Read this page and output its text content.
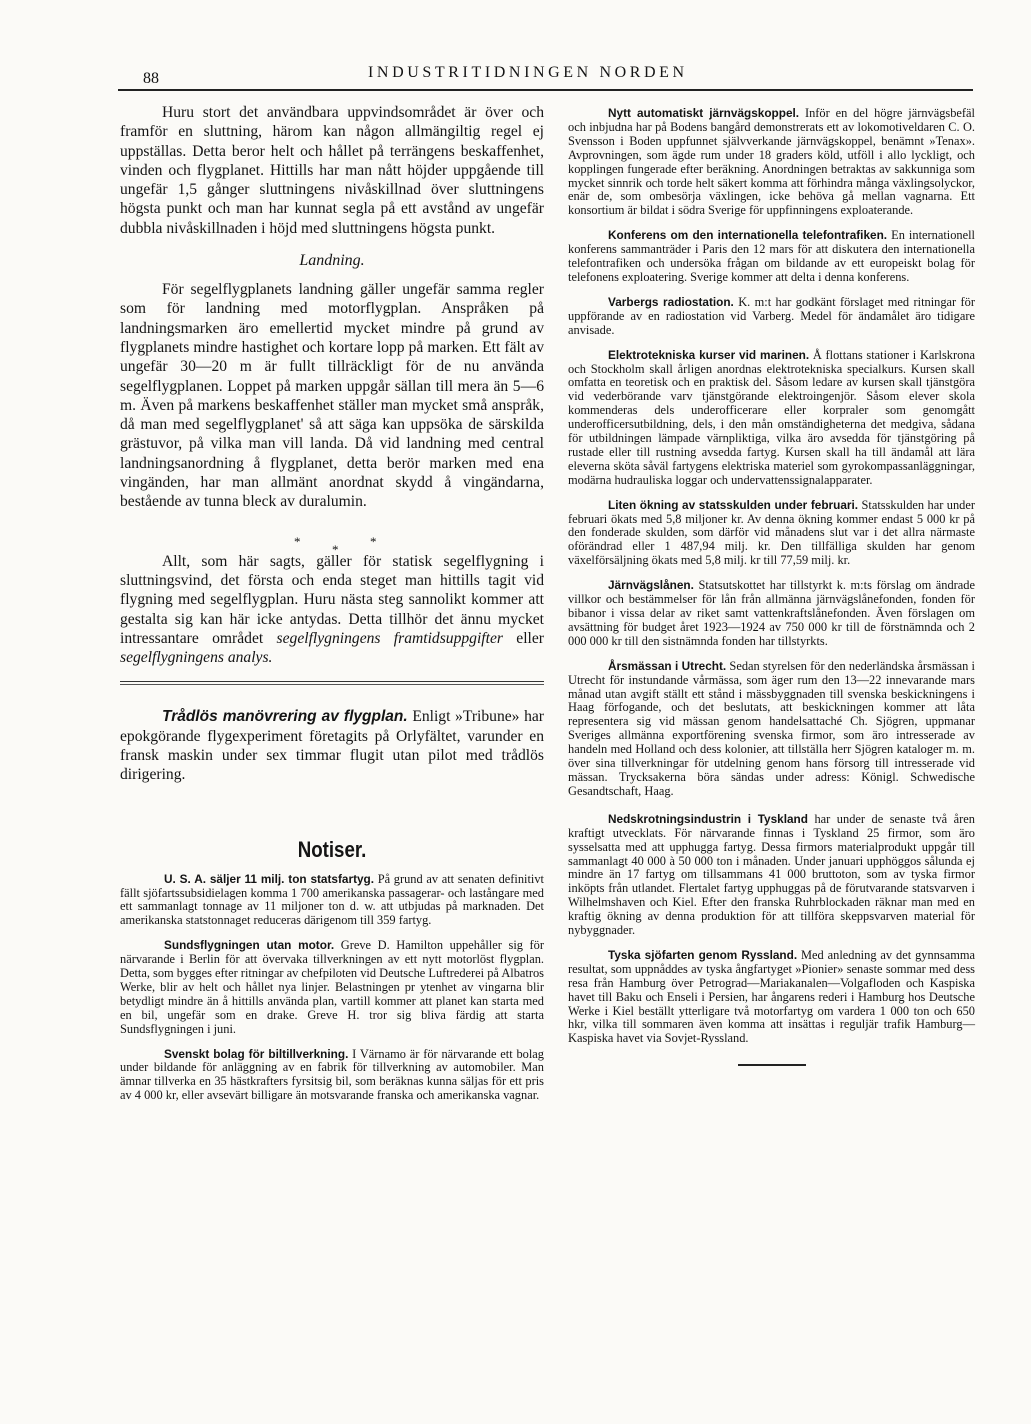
88	INDUSTRITIDNINGEN NORDEN

Huru stort det användbara uppvindsområdet är över och framför en sluttning, härom kan någon allmängiltig regel ej uppställas. Detta beror helt och hållet på terrängens beskaffenhet, vinden och flygplanet. Hittills har man nått höjder uppgående till ungefär 1,5 gånger sluttningens nivåskillnad över sluttningens högsta punkt och man har kunnat segla på ett avstånd av ungefär dubbla nivåskillnaden i höjd med sluttningens högsta punkt.

Landning.

För segelflygplanets landning gäller ungefär samma regler som för landning med motorflygplan. Anspråken på landningsmarken äro emellertid mycket mindre på grund av flygplanets mindre hastighet och kortare lopp på marken. Ett fält av ungefär 30—20 m är fullt tillräckligt för de nu använda segelflygplanen. Loppet på marken uppgår sällan till mera än 5—6 m. Även på markens beskaffenhet ställer man mycket små anspråk, då man med segelflygplanet' så att säga kan uppsöka de särskilda grästuvor, på vilka man vill landa. Då vid landning med central landningsanordning å flygplanet, detta berör marken med ena vingänden, har man allmänt anordnat skydd å vingändarna, bestående av tunna bleck av duralumin.

*
*
*

Allt, som här sagts, gäller för statisk segelflygning i sluttningsvind, det första och enda steget man hittills tagit vid flygning med segelflygplan. Huru nästa steg sannolikt kommer att gestalta sig kan här icke antydas. Detta tillhör det ännu mycket intressantare området segelflygningens framtidsuppgifter eller segelflygningens analys.

Trådlös manövrering av flygplan. Enligt »Tribune» har epokgörande flygexperiment företagits på Orlyfältet, varunder en fransk maskin under sex timmar flugit utan pilot med trådlös dirigering.

Notiser.

U. S. A. säljer 11 milj. ton statsfartyg. På grund av att senaten definitivt fällt sjöfartssubsidielagen komma 1 700 amerikanska passagerar- och lastångare med ett sammanlagt tonnage av 11 miljoner ton d. w. att utbjudas på marknaden. Det amerikanska statstonnaget reduceras därigenom till 359 fartyg.

Sundsflygningen utan motor. Greve D. Hamilton uppehåller sig för närvarande i Berlin för att övervaka tillverkningen av ett nytt motorlöst flygplan. Detta, som bygges efter ritningar av chefpiloten vid Deutsche Luftrederei på Albatros Werke, blir av helt och hållet nya linjer. Belastningen pr ytenhet av vingarna blir betydligt mindre än å hittills använda plan, vartill kommer att planet kan starta med en bil, ungefär som en drake. Greve H. tror sig bliva färdig att starta Sundsflygningen i juni.

Svenskt bolag för biltillverkning. I Värnamo är för närvarande ett bolag under bildande för anläggning av en fabrik för tillverkning av automobiler. Man ämnar tillverka en 35 hästkrafters fyrsitsig bil, som beräknas kunna säljas för ett pris av 4 000 kr, eller avsevärt billigare än motsvarande franska och amerikanska vagnar.

Nytt automatiskt järnvägskoppel. Inför en del högre järnvägsbefäl och inbjudna har på Bodens bangård demonstrerats ett av lokomotiveldaren C. O. Svensson i Boden uppfunnet självverkande järnvägskoppel, benämnt »Tenax». Avprovningen, som ägde rum under 18 graders köld, utföll i allo lyckligt, och kopplingen fungerade efter beräkning. Anordningen betraktas av sakkunniga som mycket sinnrik och torde helt säkert komma att förhindra många växlingsolyckor, enär de, som ombesörja växlingen, icke behöva gå mellan vagnarna. Ett konsortium är bildat i södra Sverige för uppfinningens exploaterande.

Konferens om den internationella telefontrafiken. En internationell konferens sammanträder i Paris den 12 mars för att diskutera den internationella telefontrafiken och undersöka frågan om bildande av ett europeiskt bolag för telefonens exploatering. Sverige kommer att delta i denna konferens.

Varbergs radiostation. K. m:t har godkänt förslaget med ritningar för uppförande av en radiostation vid Varberg. Medel för ändamålet äro tidigare anvisade.

Elektrotekniska kurser vid marinen. Å flottans stationer i Karlskrona och Stockholm skall årligen anordnas elektrotekniska specialkurs. Kursen skall omfatta en teoretisk och en praktisk del. Såsom ledare av kursen skall tjänstgöra vid vederbörande varv tjänstgörande elektroingenjör. Såsom elever skola kommenderas dels underofficerare eller korpraler som genomgått underofficersutbildning, dels, i den mån omständigheterna det medgiva, sådana för utbildningen lämpade värnpliktiga, vilka äro avsedda för tjänstgöring på rustade eller till rustning avsedda fartyg. Kursen skall ha till ändamål att lära eleverna sköta såväl fartygens elektriska materiel som gyrokompassanläggningar, modärna hudrauliska loggar och undervattenssignalapparater.

Liten ökning av statsskulden under februari. Statsskulden har under februari ökats med 5,8 miljoner kr. Av denna ökning kommer endast 5 000 kr på den fonderade skulden, som därför vid månadens slut var i det allra närmaste oförändrad eller 1 487,94 milj. kr. Den tillfälliga skulden har genom växelförsäljning ökats med 5,8 milj. kr till 77,59 milj. kr.

Järnvägslånen. Statsutskottet har tillstyrkt k. m:ts förslag om ändrade villkor och bestämmelser för lån från allmänna järnvägslånefonden, fonden för bibanor i vissa delar av riket samt vattenkraftslånefonden. Även förslagen om avsättning för budget året 1923—1924 av 750 000 kr till de förstnämnda och 2 000 000 kr till den sistnämnda fonden har tillstyrkts.

Årsmässan i Utrecht. Sedan styrelsen för den nederländska årsmässan i Utrecht för instundande vårmässa, som äger rum den 13—22 innevarande mars månad utan avgift ställt ett stånd i mässbyggnaden till svenska beskickningens i Haag förfogande, och det beslutats, att beskickningen kommer att låta representera sig vid mässan genom handelsattaché Ch. Sjögren, uppmanar Sveriges allmänna exportförening svenska firmor, som äro intresserade av handeln med Holland och dess kolonier, att tillställa herr Sjögren kataloger m. m. över sina tillverkningar för utdelning genom hans försorg till intresserade vid mässan. Trycksakerna böra sändas under adress: Königl. Schwedische Gesandtschaft, Haag.

Nedskrotningsindustrin i Tyskland har under de senaste två åren kraftigt utvecklats. För närvarande finnas i Tyskland 25 firmor, som äro sysselsatta med att upphugga fartyg. Dessa firmors materialprodukt uppgår till sammanlagt 40 000 à 50 000 ton i månaden. Under januari upphöggos sålunda ej mindre än 17 fartyg om tillsammans 41 000 bruttoton, som av tyska firmor inköpts från utlandet. Flertalet fartyg upphuggas på de förutvarande statsvarven i Wilhelmshaven och Kiel. Efter den franska Ruhrblockaden räknar man med en kraftig ökning av denna produktion för att tillföra skeppsvarven material för nybyggnader.

Tyska sjöfarten genom Ryssland. Med anledning av det gynnsamma resultat, som uppnåddes av tyska ångfartyget »Pionier» senaste sommar med dess resa från Hamburg över Petrograd—Mariakanalen—Volgafloden och Kaspiska havet till Baku och Enseli i Persien, har ångarens rederi i Hamburg hos Deutsche Werke i Kiel beställt ytterligare två motorfartyg om vardera 1 000 ton och 650 hkr, vilka till sommaren även komma att insättas i reguljär trafik Hamburg—Kaspiska havet via Sovjet-Ryssland.
